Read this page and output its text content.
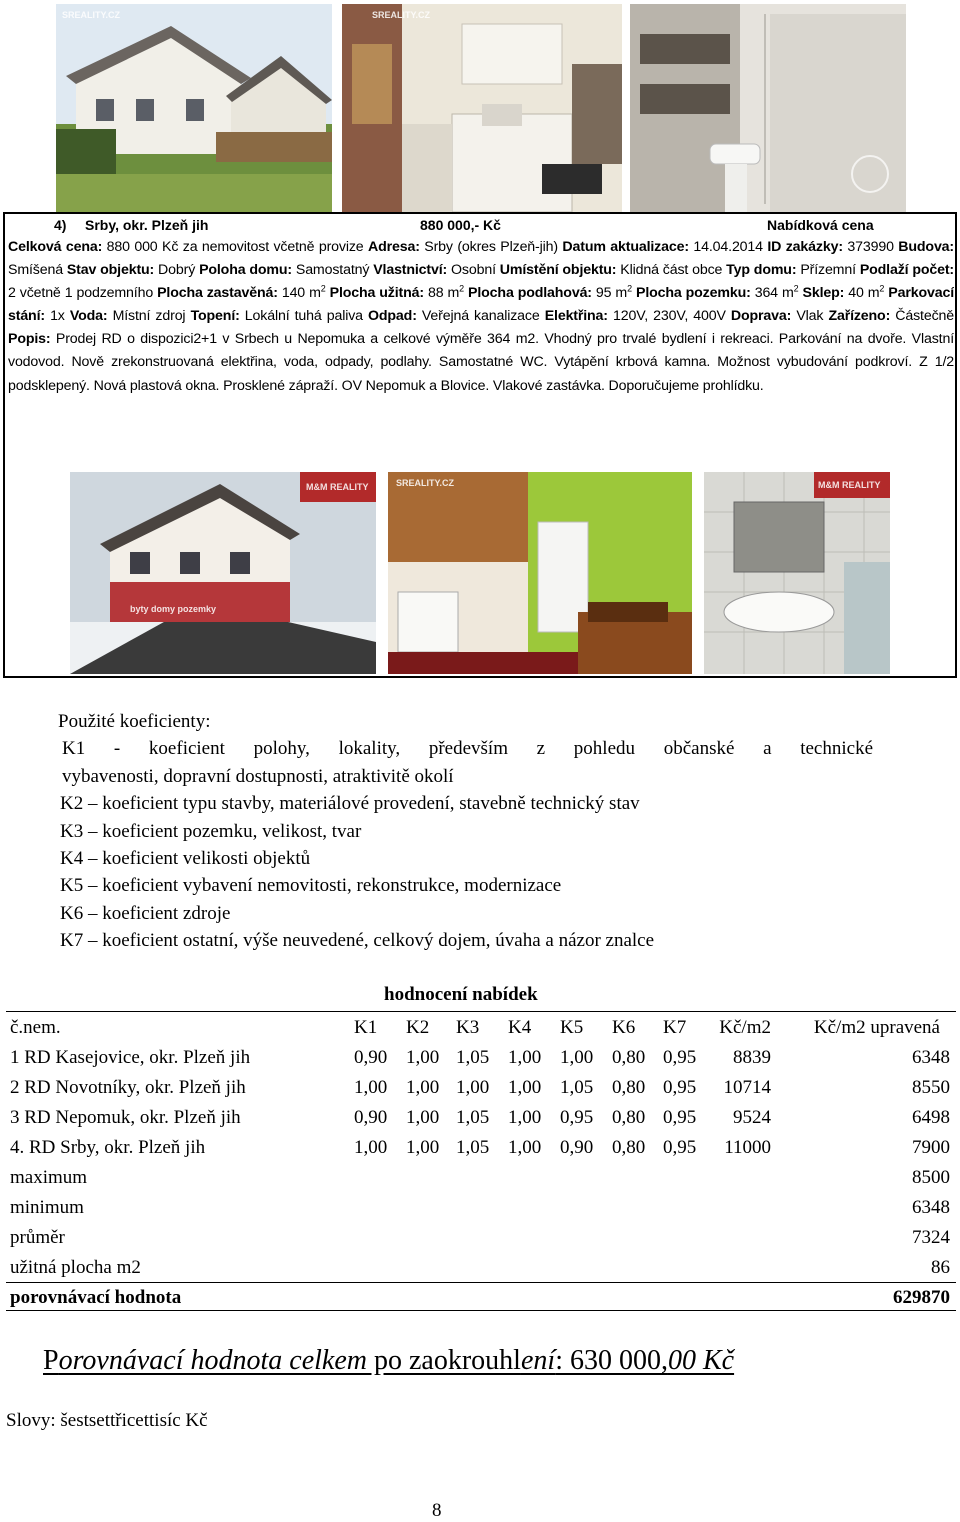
SREALITY.CZ	SREALITY.CZ
4) Srby, okr. Plzeň jih	880 000,- Kč	Nabídková cena
Celková cena: 880 000 Kč za nemovitost včetně provize Adresa: Srby (okres Plzeň-jih) Datum aktualizace: 14.04.2014 ID zakázky: 373990 Budova: Smíšená Stav objektu: Dobrý Poloha domu: Samostatný Vlastnictví: Osobní Umístění objektu: Klidná část obce Typ domu: Přízemní Podlaží počet: 2 včetně 1 podzemního Plocha zastavěná: 140 $m^2$ Plocha užitná: 88 $m^2$ Plocha podlahová: 95 $m^2$ Plocha pozemku: 364 $m^2$ Sklep: 40 $m^2$ Parkovací stání: 1x Voda: Místní zdroj Topení: Lokální tuhá paliva Odpad: Veřejná kanalizace Elektřina: 120V, 230V, 400V Doprava: Vlak Zařízeno: Částečně Popis: Prodej RD o dispozici2+1 v Srbech u Nepomuka a celkové výměře 364 m2. Vhodný pro trvalé bydlení i rekreaci. Parkování na dvoře. Vlastní vodovod. Nově zrekonstruovaná elektřina, voda, odpady, podlahy. Samostatné WC. Vytápění krbová kamna. Možnost vybudování podkroví. Z 1/2 podsklepený. Nová plastová okna. Prosklené zápraží. OV Nepomuk a Blovice. Vlakové zastávka. Doporučujeme prohlídku.
M&M REALITY
byty domy pozemky
SREALITY.CZ	M&M REALITY
Použité koeficienty:
K1 - koeficient polohy, lokality, především z pohledu občanské a technické
vybavenosti, dopravní dostupnosti, atraktivitě okolí
K2 – koeficient typu stavby, materiálové provedení, stavebně technický stav
K3 – koeficient pozemku, velikost, tvar
K4 – koeficient velikosti objektů
K5 – koeficient vybavení nemovitosti, rekonstrukce, modernizace
K6 – koeficient zdroje
K7 – koeficient ostatní, výše neuvedené, celkový dojem, úvaha a názor znalce
hodnocení nabídek
č.nem.	K1 K2 K3 K4 K5 K6 K7 Kč/m2 Kč/m2 upravená
1 RD Kasejovice, okr. Plzeň jih	0,90 1,00 1,05 1,00 1,00 0,80 0,95 8839	6348
2 RD Novotníky, okr. Plzeň jih	1,00 1,00 1,00 1,00 1,05 0,80 0,95 10714	8550
3 RD Nepomuk, okr. Plzeň jih	0,90 1,00 1,05 1,00 0,95 0,80 0,95 9524	6498
4. RD Srby, okr. Plzeň jih	1,00 1,00 1,05 1,00 0,90 0,80 0,95 11000	7900
maximum	8500
minimum	6348
průměr	7324
užitná plocha m2	86
porovnávací hodnota	629870
Porovnávací hodnota celkem po zaokrouhlení: 630 000,00 Kč
Slovy: šestsettřicettisíc Kč
8
